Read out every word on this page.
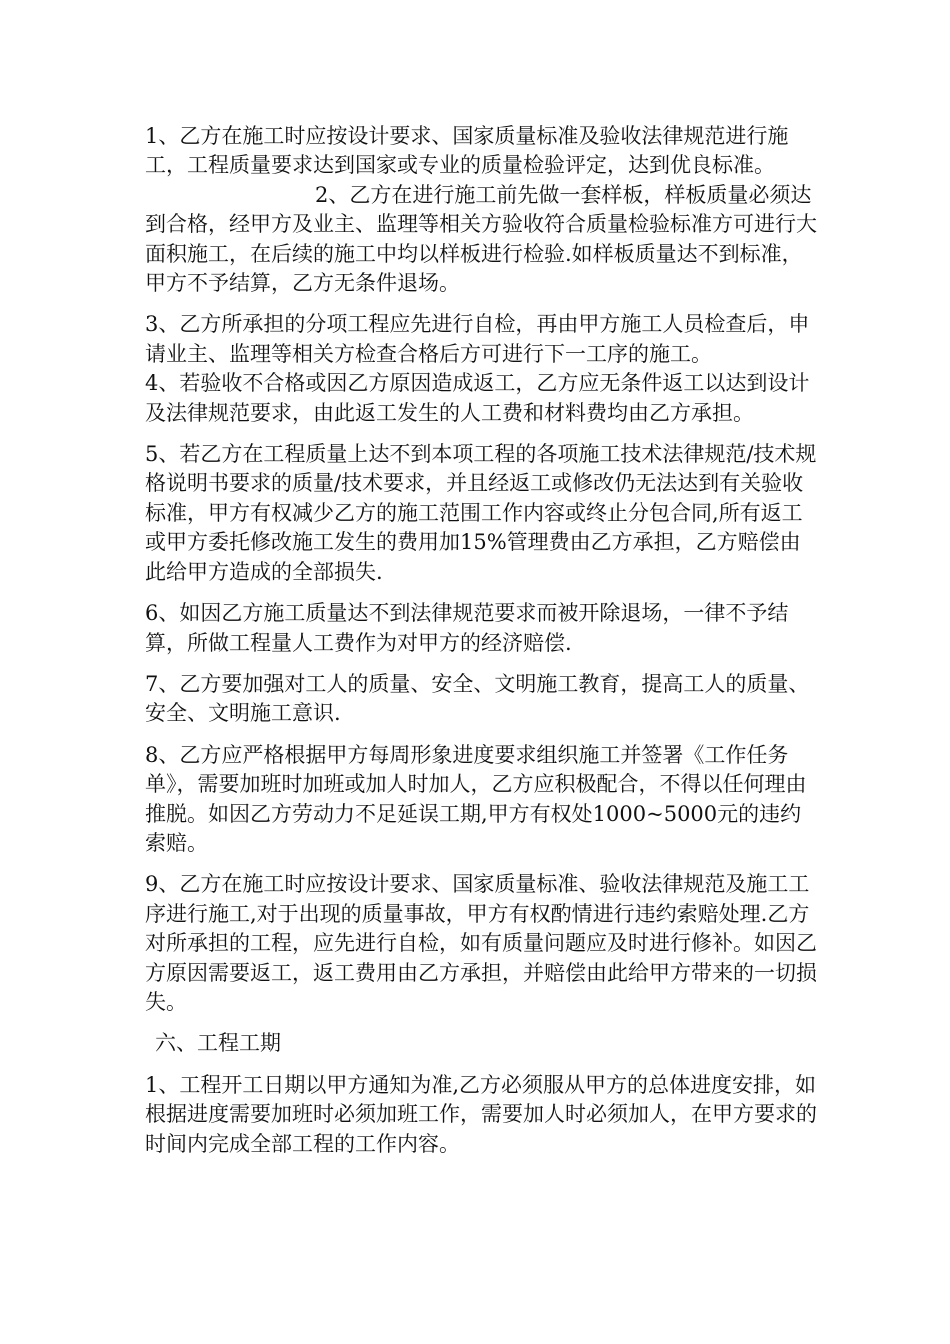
1、乙方在施工时应按设计要求、国家质量标准及验收法律规范进行施工，工程质量要求达到国家或专业的质量检验评定，达到优良标准。2、乙方在进行施工前先做一套样板，样板质量必须达到合格，经甲方及业主、监理等相关方验收符合质量检验标准方可进行大面积施工，在后续的施工中均以样板进行检验.如样板质量达不到标准，甲方不予结算，乙方无条件退场。

3、乙方所承担的分项工程应先进行自检，再由甲方施工人员检查后，申请业主、监理等相关方检查合格后方可进行下一工序的施工。

4、若验收不合格或因乙方原因造成返工，乙方应无条件返工以达到设计及法律规范要求，由此返工发生的人工费和材料费均由乙方承担。

5、若乙方在工程质量上达不到本项工程的各项施工技术法律规范/技术规格说明书要求的质量/技术要求，并且经返工或修改仍无法达到有关验收标准，甲方有权减少乙方的施工范围工作内容或终止分包合同,所有返工或甲方委托修改施工发生的费用加15%管理费由乙方承担，乙方赔偿由此给甲方造成的全部损失.

6、如因乙方施工质量达不到法律规范要求而被开除退场，一律不予结算，所做工程量人工费作为对甲方的经济赔偿.

7、乙方要加强对工人的质量、安全、文明施工教育，提高工人的质量、安全、文明施工意识.

8、乙方应严格根据甲方每周形象进度要求组织施工并签署《工作任务单》，需要加班时加班或加人时加人，乙方应积极配合，不得以任何理由推脱。如因乙方劳动力不足延误工期,甲方有权处1000~5000元的违约索赔。

9、乙方在施工时应按设计要求、国家质量标准、验收法律规范及施工工序进行施工,对于出现的质量事故，甲方有权酌情进行违约索赔处理.乙方对所承担的工程，应先进行自检，如有质量问题应及时进行修补。如因乙方原因需要返工，返工费用由乙方承担，并赔偿由此给甲方带来的一切损失。

六、工程工期

1、工程开工日期以甲方通知为准,乙方必须服从甲方的总体进度安排，如根据进度需要加班时必须加班工作，需要加人时必须加人，在甲方要求的时间内完成全部工程的工作内容。
